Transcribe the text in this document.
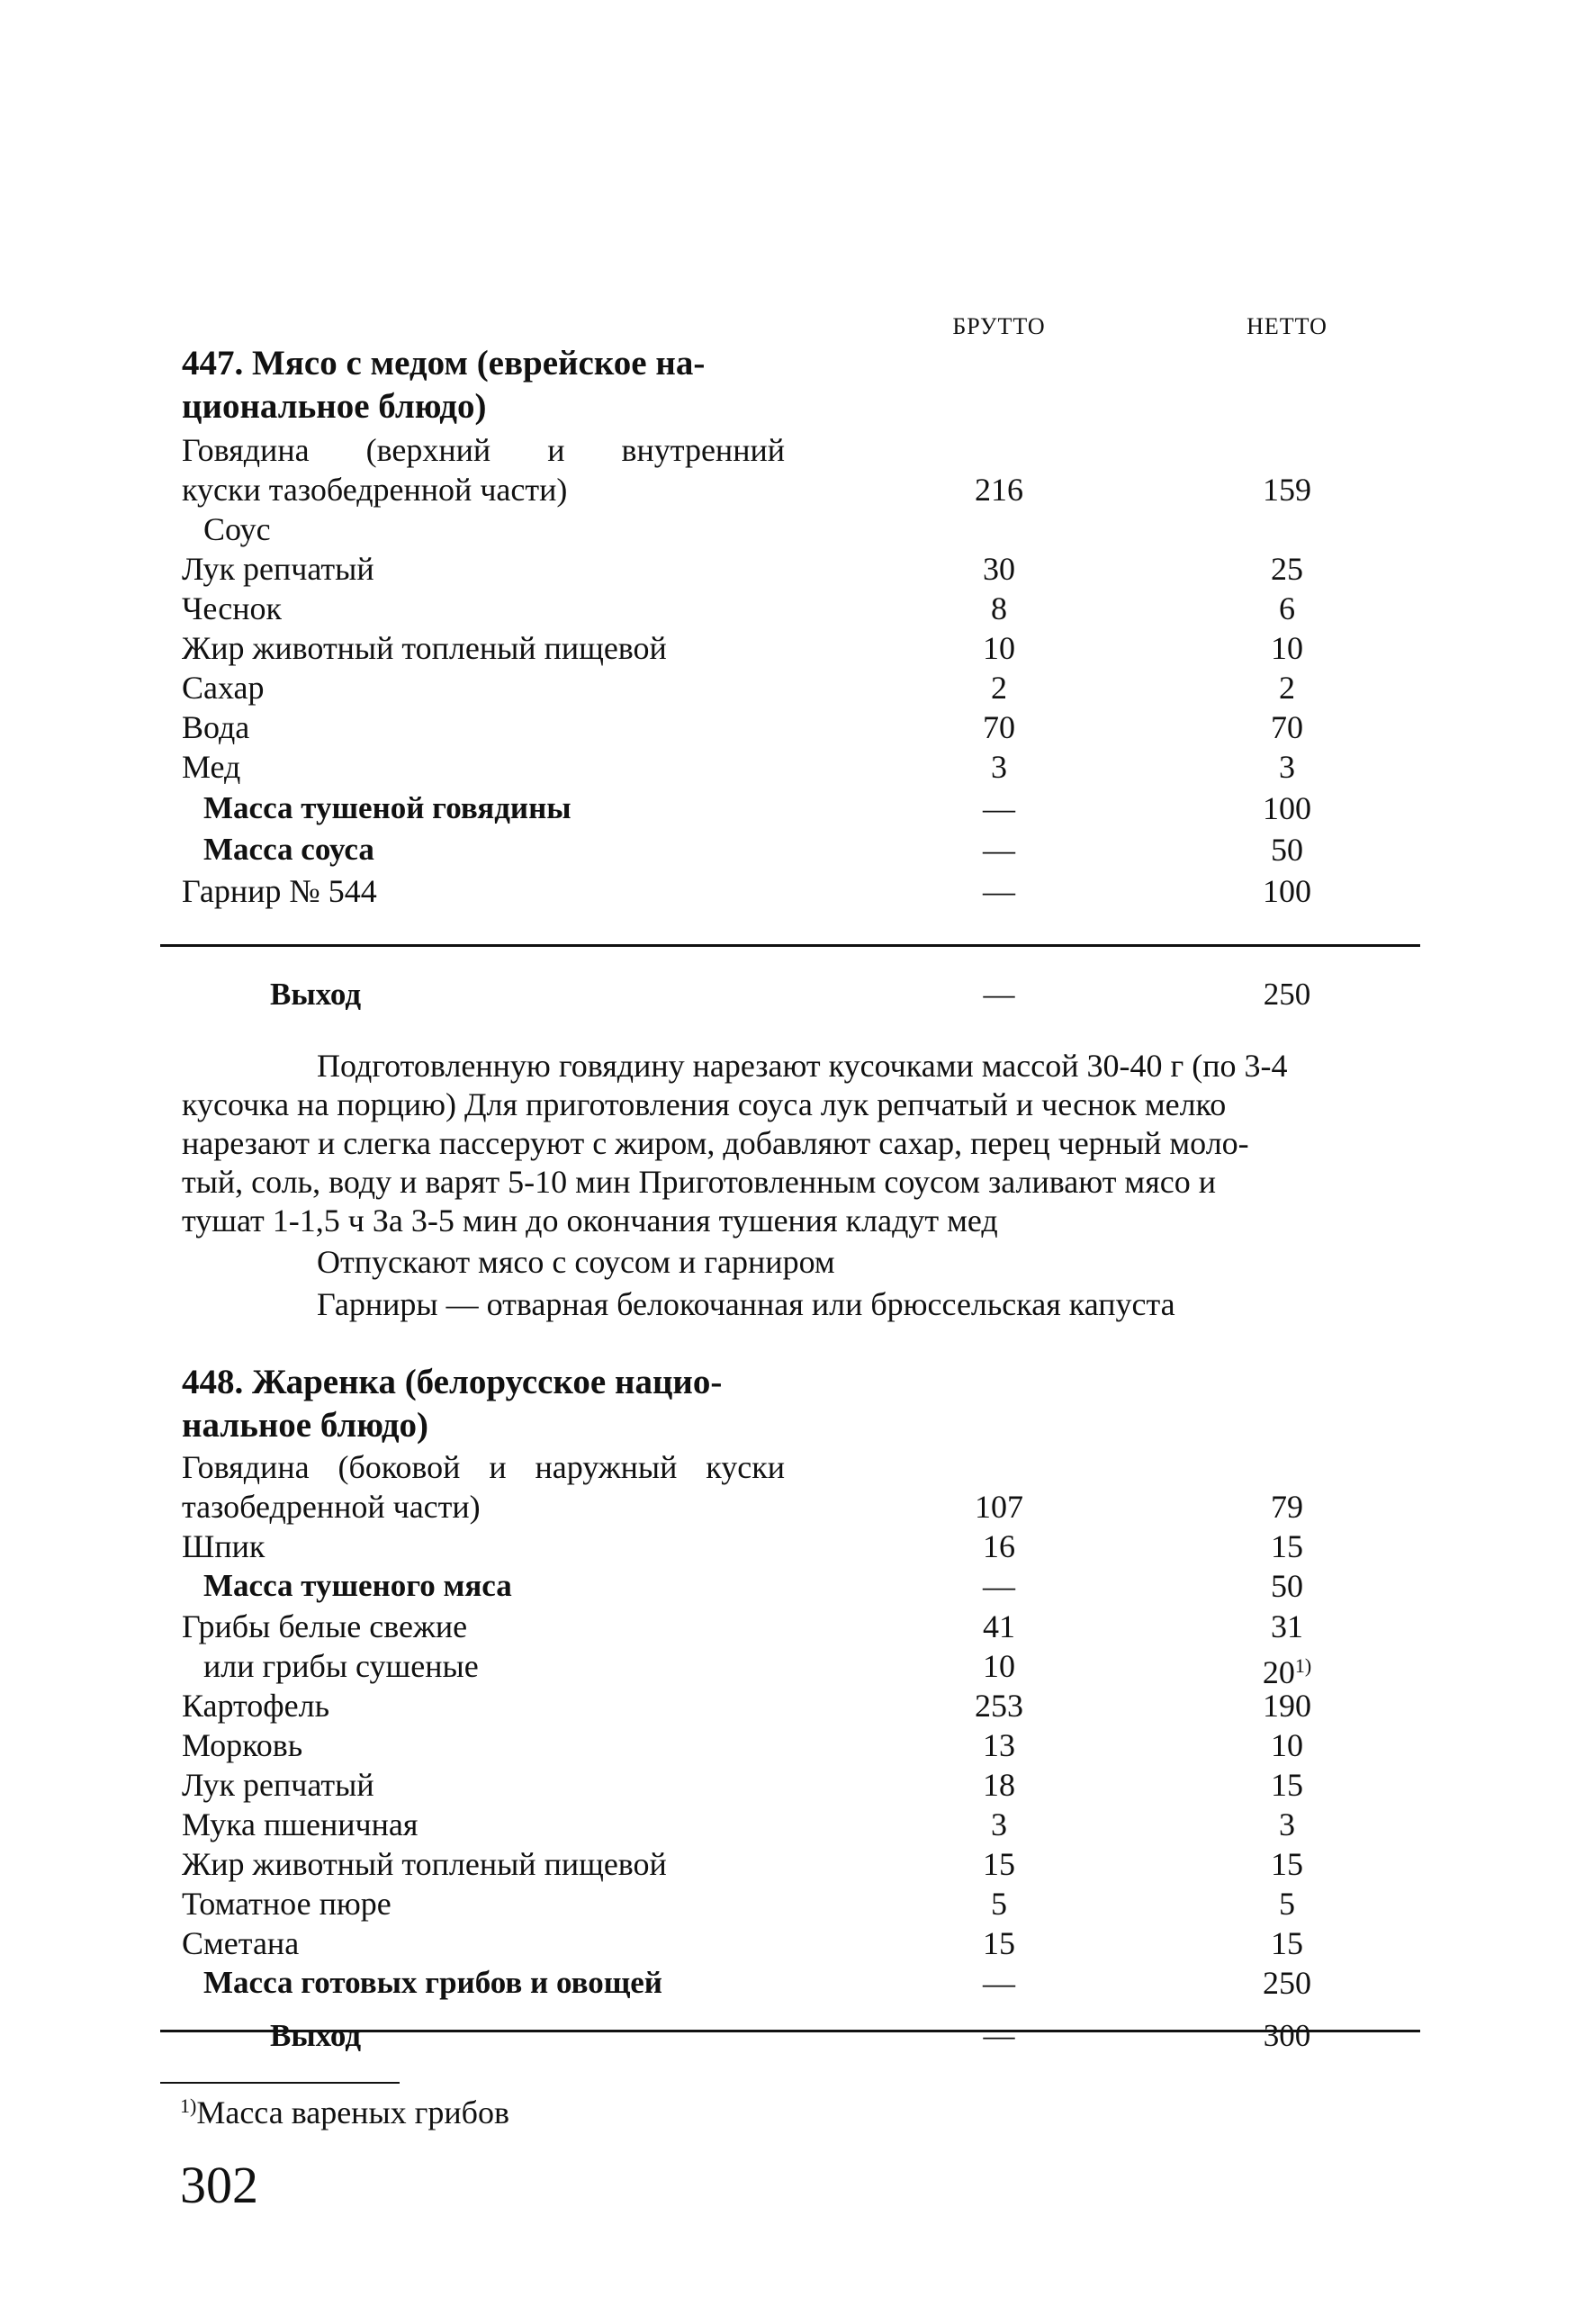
БРУТТО	НЕТТО
447. Мясо с медом (еврейское на-
циональное блюдо)
Говядина (верхний и внутренний
куски тазобедренной части)	216	159
Соус
Лук репчатый	30	25
Чеснок	8	6
Жир животный топленый пищевой	10	10
Сахар	2	2
Вода	70	70
Мед	3	3
Масса тушеной говядины	—	100
Масса соуса	—	50
Гарнир № 544	—	100
Выход	—	250
Подготовленную говядину нарезают кусочками массой 30-40 г (по 3-4
кусочка на порцию) Для приготовления соуса лук репчатый и чеснок мелко
нарезают и слегка пассеруют с жиром, добавляют сахар, перец черный моло-
тый, соль, воду и варят 5-10 мин Приготовленным соусом заливают мясо и
тушат 1-1,5 ч За 3-5 мин до окончания тушения кладут мед
Отпускают мясо с соусом и гарниром
Гарниры — отварная белокочанная или брюссельская капуста
448. Жаренка (белорусское нацио-
нальное блюдо)
Говядина (боковой и наружный куски
тазобедренной части)	107	79
Шпик	16	15
Масса тушеного мяса	—	50
Грибы белые свежие	41	31
или грибы сушеные	10	20$^{1)}$
Картофель	253	190
Морковь	13	10
Лук репчатый	18	15
Мука пшеничная	3	3
Жир животный топленый пищевой	15	15
Томатное пюре	5	5
Сметана	15	15
Масса готовых грибов и овощей	—	250
Выход	—	300
$^{1)}$Масса вареных грибов
302
